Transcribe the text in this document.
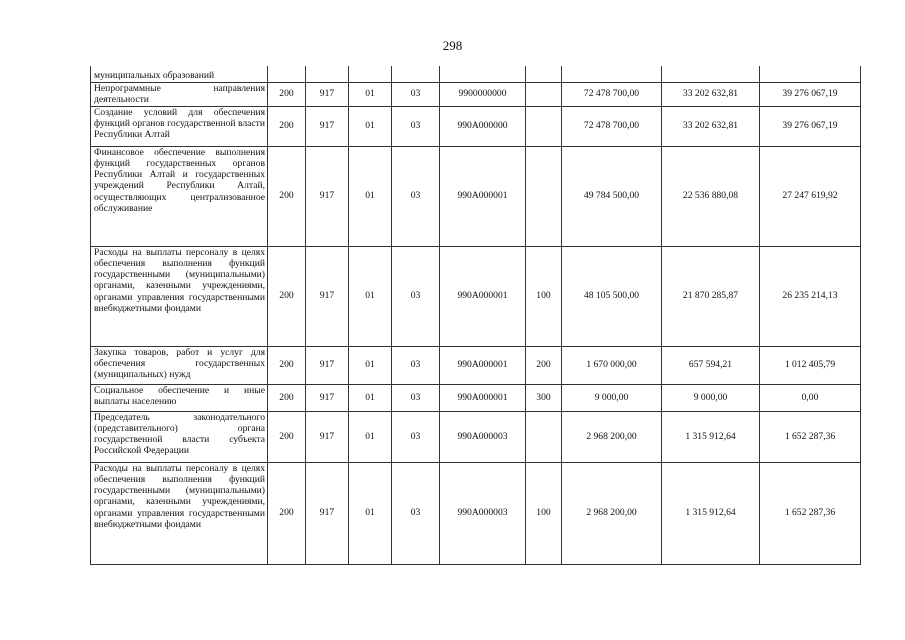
298
муниципальных образований									
Непрограммные направления деятельности	200	917	01	03	9900000000		72 478 700,00	33 202 632,81	39 276 067,19
Создание условий для обеспечения функций органов государственной власти Республики Алтай	200	917	01	03	990А000000		72 478 700,00	33 202 632,81	39 276 067,19
Финансовое обеспечение выполнения функций государственных органов Республики Алтай и государственных учреждений Республики Алтай, осуществляющих централизованное обслуживание	200	917	01	03	990А000001		49 784 500,00	22 536 880,08	27 247 619,92
Расходы на выплаты персоналу в целях обеспечения выполнения функций государственными (муниципальными) органами, казенными учреждениями, органами управления государственными внебюджетными фондами	200	917	01	03	990А000001	100	48 105 500,00	21 870 285,87	26 235 214,13
Закупка товаров, работ и услуг для обеспечения государственных (муниципальных) нужд	200	917	01	03	990А000001	200	1 670 000,00	657 594,21	1 012 405,79
Социальное обеспечение и иные выплаты населению	200	917	01	03	990А000001	300	9 000,00	9 000,00	0,00
Председатель законодательного (представительного) органа государственной власти субъекта Российской Федерации	200	917	01	03	990А000003		2 968 200,00	1 315 912,64	1 652 287,36
Расходы на выплаты персоналу в целях обеспечения выполнения функций государственными (муниципальными) органами, казенными учреждениями, органами управления государственными внебюджетными фондами	200	917	01	03	990А000003	100	2 968 200,00	1 315 912,64	1 652 287,36
